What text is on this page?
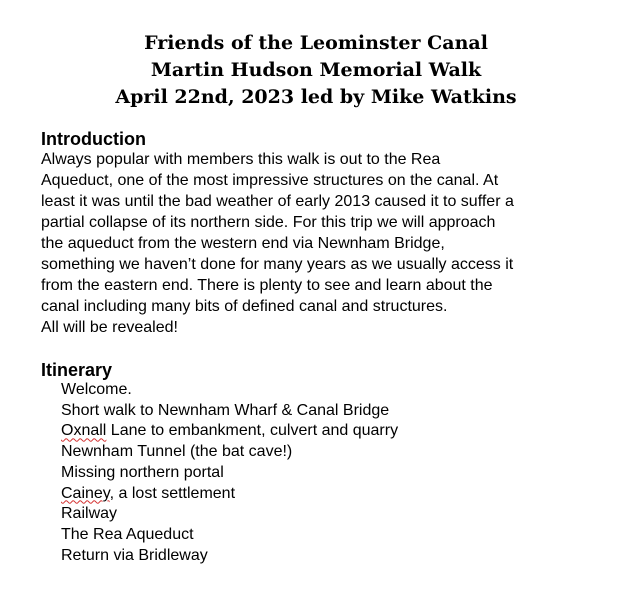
Friends of the Leominster Canal
Martin Hudson Memorial Walk
April 22nd, 2023 led by Mike Watkins
Introduction
Always popular with members this walk is out to the Rea
Aqueduct, one of the most impressive structures on the canal. At
least it was until the bad weather of early 2013 caused it to suffer a
partial collapse of its northern side. For this trip we will approach
the aqueduct from the western end via Newnham Bridge,
something we haven’t done for many years as we usually access it
from the eastern end. There is plenty to see and learn about the
canal including many bits of defined canal and structures.
All will be revealed!
Itinerary
Welcome.
Short walk to Newnham Wharf & Canal Bridge
Oxnall Lane to embankment, culvert and quarry
Newnham Tunnel (the bat cave!)
Missing northern portal
Cainey, a lost settlement
Railway
The Rea Aqueduct
Return via Bridleway
